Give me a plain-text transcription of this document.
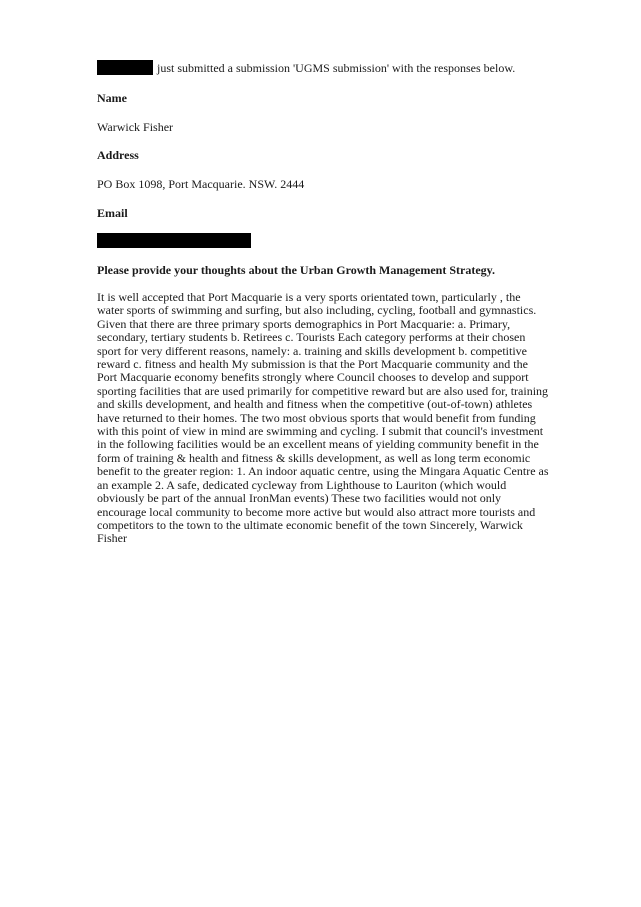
just submitted a submission 'UGMS submission' with the responses below.
Name
Warwick Fisher
Address
PO Box 1098, Port Macquarie. NSW. 2444
Email
Please provide your thoughts about the Urban Growth Management Strategy.
It is well accepted that Port Macquarie is a very sports orientated town, particularly , the water sports of swimming and surfing, but also including, cycling, football and gymnastics. Given that there are three primary sports demographics in Port Macquarie: a. Primary, secondary, tertiary students b. Retirees c. Tourists Each category performs at their chosen sport for very different reasons, namely: a. training and skills development b. competitive reward c. fitness and health My submission is that the Port Macquarie community and the Port Macquarie economy benefits strongly where Council chooses to develop and support sporting facilities that are used primarily for competitive reward but are also used for, training and skills development, and health and fitness when the competitive (out-of-town) athletes have returned to their homes. The two most obvious sports that would benefit from funding with this point of view in mind are swimming and cycling. I submit that council's investment in the following facilities would be an excellent means of yielding community benefit in the form of training & health and fitness & skills development, as well as long term economic benefit to the greater region: 1. An indoor aquatic centre, using the Mingara Aquatic Centre as an example 2. A safe, dedicated cycleway from Lighthouse to Lauriton (which would obviously be part of the annual IronMan events) These two facilities would not only encourage local community to become more active but would also attract more tourists and competitors to the town to the ultimate economic benefit of the town Sincerely, Warwick Fisher
